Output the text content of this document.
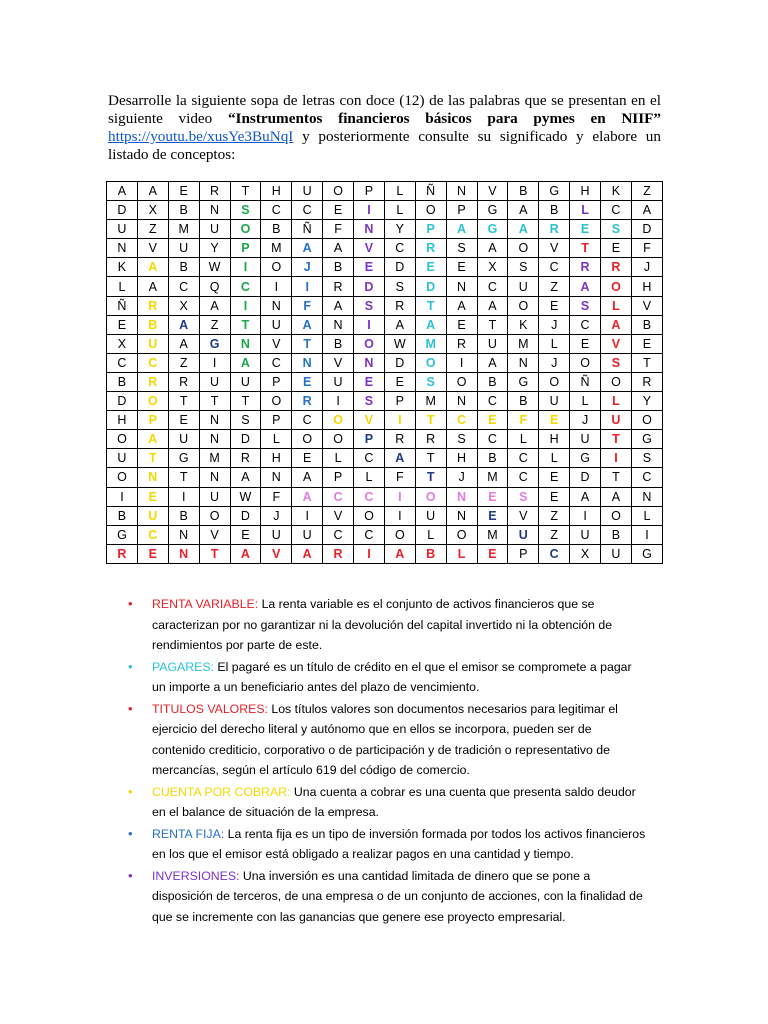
Desarrolle la siguiente sopa de letras con doce (12) de las palabras que se presentan en el siguiente video “Instrumentos financieros básicos para pymes en NIIF” https://youtu.be/xusYe3BuNqI y posteriormente consulte su significado y elabore un listado de conceptos:
A	A	E	R	T	H	U	O	P	L	Ñ	N	V	B	G	H	K	Z
D	X	B	N	S	C	C	E	I	L	O	P	G	A	B	L	C	A
U	Z	M	U	O	B	Ñ	F	N	Y	P	A	G	A	R	E	S	D
N	V	U	Y	P	M	A	A	V	C	R	S	A	O	V	T	E	F
K	A	B	W	I	O	J	B	E	D	E	E	X	S	C	R	R	J
L	A	C	Q	C	I	I	R	D	S	D	N	C	U	Z	A	O	H
Ñ	R	X	A	I	N	F	A	S	R	T	A	A	O	E	S	L	V
E	B	A	Z	T	U	A	N	I	A	A	E	T	K	J	C	A	B
X	U	A	G	N	V	T	B	O	W	M	R	U	M	L	E	V	E
C	C	Z	I	A	C	N	V	N	D	O	I	A	N	J	O	S	T
B	R	R	U	U	P	E	U	E	E	S	O	B	G	O	Ñ	O	R
D	O	T	T	T	O	R	I	S	P	M	N	C	B	U	L	L	Y
H	P	E	N	S	P	C	O	V	I	T	C	E	F	E	J	U	O
O	A	U	N	D	L	O	O	P	R	R	S	C	L	H	U	T	G
U	T	G	M	R	H	E	L	C	A	T	H	B	C	L	G	I	S
O	N	T	N	A	N	A	P	L	F	T	J	M	C	E	D	T	C
I	E	I	U	W	F	A	C	C	I	O	N	E	S	E	A	A	N
B	U	B	O	D	J	I	V	O	I	U	N	E	V	Z	I	O	L
G	C	N	V	E	U	U	C	C	O	L	O	M	U	Z	U	B	I
R	E	N	T	A	V	A	R	I	A	B	L	E	P	C	X	U	G
• RENTA VARIABLE: La renta variable es el conjunto de activos financieros que se caracterizan por no garantizar ni la devolución del capital invertido ni la obtención de rendimientos por parte de este.
• PAGARES: El pagaré es un título de crédito en el que el emisor se compromete a pagar un importe a un beneficiario antes del plazo de vencimiento.
• TITULOS VALORES: Los títulos valores son documentos necesarios para legitimar el ejercicio del derecho literal y autónomo que en ellos se incorpora, pueden ser de contenido crediticio, corporativo o de participación y de tradición o representativo de mercancías, según el artículo 619 del código de comercio.
• CUENTA POR COBRAR: Una cuenta a cobrar es una cuenta que presenta saldo deudor en el balance de situación de la empresa.
• RENTA FIJA: La renta fija es un tipo de inversión formada por todos los activos financieros en los que el emisor está obligado a realizar pagos en una cantidad y tiempo.
• INVERSIONES: Una inversión es una cantidad limitada de dinero que se pone a disposición de terceros, de una empresa o de un conjunto de acciones, con la finalidad de que se incremente con las ganancias que genere ese proyecto empresarial.
